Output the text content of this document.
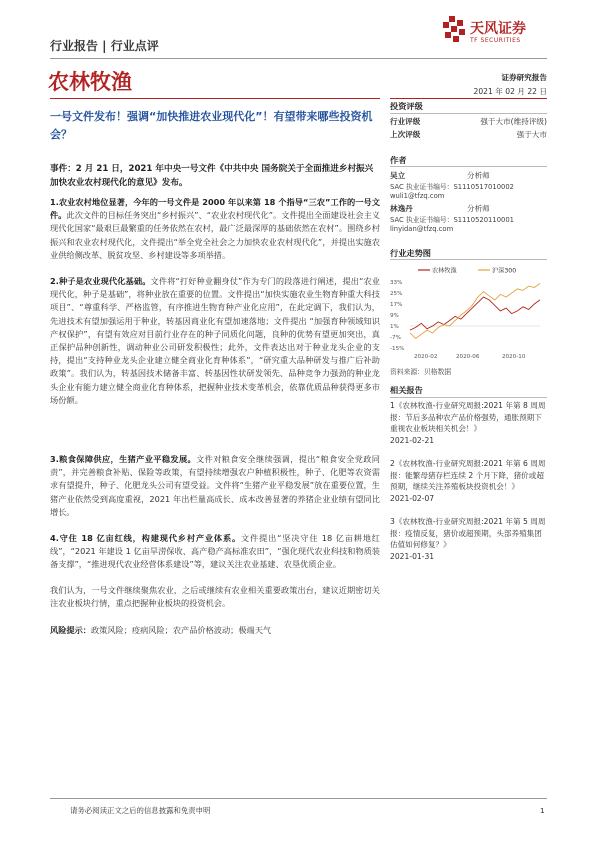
行业报告 | 行业点评
天风证券
TF SECURITIES
农林牧渔
一号文件发布！强调“加快推进农业现代化”！有望带来哪些投资机会？
事件：2 月 21 日，2021 年中央一号文件《中共中央 国务院关于全面推进乡村振兴加快农业农村现代化的意见》发布。
1.农业农村地位显著，今年的一号文件是 2000 年以来第 18 个指导“三农”工作的一号文件。此次文件的目标任务突出“乡村振兴”、“农业农村现代化”。文件提出全面建设社会主义现代化国家“最艰巨最繁重的任务依然在农村，最广泛最深厚的基础依然在农村”。围绕乡村振兴和农业农村现代化，文件提出“举全党全社会之力加快农业农村现代化”，并提出实施农业供给侧改革、脱贫攻坚、乡村建设等多项举措。
2.种子是农业现代化基础。文件将“打好种业翻身仗”作为专门的段落进行阐述，提出“农业现代化，种子是基础”，将种业放在重要的位置。文件提出“加快实施农业生物育种重大科技项目”、“尊重科学、严格监管，有序推进生物育种产业化应用”，在此定调下，我们认为，先进技术有望加强运用于种业，转基因商业化有望加速落地；文件提出 “加强育种领域知识产权保护”，有望有效应对目前行业存在的种子同质化问题，良种的优势有望更加突出，真正保护品种创新性，调动种业公司研发积极性；此外，文件表达出对于种业龙头企业的支持，提出“支持种业龙头企业建立健全商业化育种体系”，“研究重大品种研发与推广后补助政策”。我们认为，转基因技术储备丰富、转基因性状研发领先、品种竞争力强劲的种业龙头企业有能力建立健全商业化育种体系，把握种业技术变革机会，依靠优质品种获得更多市场份额。
3.粮食保障供应，生猪产业平稳发展。文件对粮食安全继续强调，提出“粮食安全党政同责”，并完善粮食补贴、保险等政策，有望持续增强农户种植积极性，种子、化肥等农资需求有望提升，种子、化肥龙头公司有望受益。文件将“生猪产业平稳发展”放在重要位置，生猪产业依然受到高度重视，2021 年出栏量高成长、成本改善显著的养猪企业业绩有望同比增长。
4.守住 18 亿亩红线，构建现代乡村产业体系。文件提出“坚决守住 18 亿亩耕地红线”，“2021 年建设 1 亿亩旱涝保收、高产稳产高标准农田”，“强化现代农业科技和物质装备支撑”，“推进现代农业经营体系建设”等，建议关注农业基建、农垦优质企业。
我们认为，一号文件继续聚焦农业，之后或继续有农业相关重要政策出台，建议近期密切关注农业板块行情，重点把握种业板块的投资机会。
风险提示：政策风险；疫病风险；农产品价格波动；极端天气
证券研究报告
2021 年 02 月 22 日
投资评级
行业评级	强于大市(维持评级)
上次评级	强于大市
作者
吴立	分析师
SAC 执业证书编号：S1110517010002
wuli1@tfzq.com
林逸丹	分析师
SAC 执业证书编号：S1110520110001
linyidan@tfzq.com
行业走势图
农林牧渔	沪深300
33%
25%
17%
9%
1%
-7%
-15%
2020-02	2020-06	2020-10
资料来源：贝格数据
相关报告
1《农林牧渔-行业研究周报:2021 年第 8 周周报：节后多品种农产品价格强势，通胀预期下重视农业板块相关机会！》
2021-02-21
2《农林牧渔-行业研究周报:2021 年第 6 周周报：能繁母猪存栏连续 2 个月下降，猪价或超预期，继续关注养殖板块投资机会！》
2021-02-07
3《农林牧渔-行业研究周报:2021 年第 5 周周报：疫情反复，猪价或超预期，头部养殖集团估值如何修复？》
2021-01-31
请务必阅读正文之后的信息披露和免责申明	1
